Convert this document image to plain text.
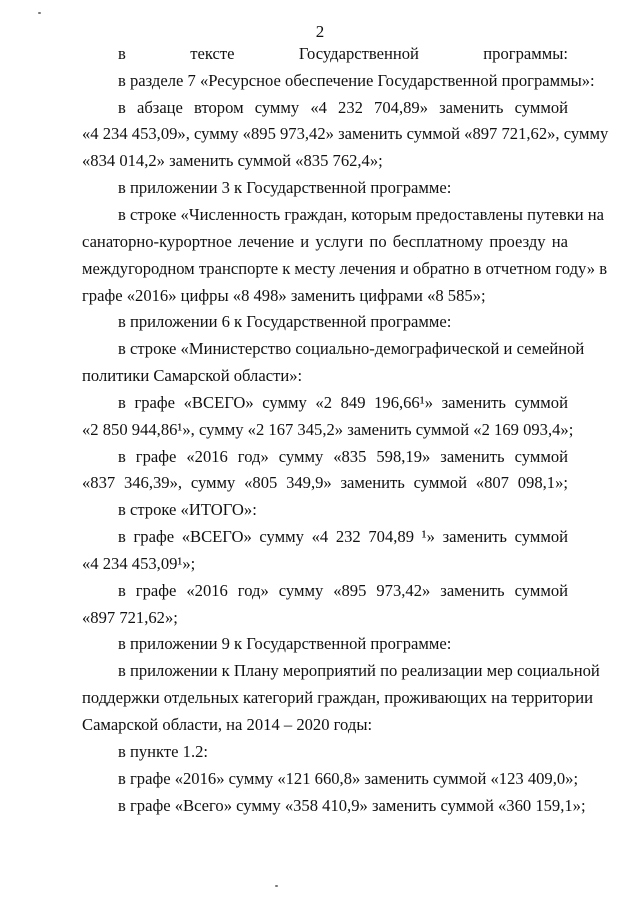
2
в тексте Государственной программы:
в разделе 7 «Ресурсное обеспечение Государственной программы»:
в абзаце втором сумму «4 232 704,89» заменить суммой
«4 234 453,09», сумму «895 973,42» заменить суммой «897 721,62», сумму
«834 014,2» заменить суммой «835 762,4»;
в приложении 3 к Государственной программе:
в строке «Численность граждан, которым предоставлены путевки на
санаторно-курортное лечение и услуги по бесплатному проезду на
междугородном транспорте к месту лечения и обратно в отчетном году» в
графе «2016» цифры «8 498» заменить цифрами «8 585»;
в приложении 6 к Государственной программе:
в строке «Министерство социально-демографической и семейной
политики Самарской области»:
в графе «ВСЕГО» сумму «2 849 196,66¹» заменить суммой
«2 850 944,86¹», сумму «2 167 345,2» заменить суммой «2 169 093,4»;
в графе «2016 год» сумму «835 598,19» заменить суммой
«837 346,39», сумму «805 349,9» заменить суммой «807 098,1»;
в строке «ИТОГО»:
в графе «ВСЕГО» сумму «4 232 704,89 ¹» заменить суммой
«4 234 453,09¹»;
в графе «2016 год» сумму «895 973,42» заменить суммой
«897 721,62»;
в приложении 9 к Государственной программе:
в приложении к Плану мероприятий по реализации мер социальной
поддержки отдельных категорий граждан, проживающих на территории
Самарской области, на 2014 – 2020 годы:
в пункте 1.2:
в графе «2016» сумму «121 660,8» заменить суммой «123 409,0»;
в графе «Всего» сумму «358 410,9» заменить суммой «360 159,1»;
